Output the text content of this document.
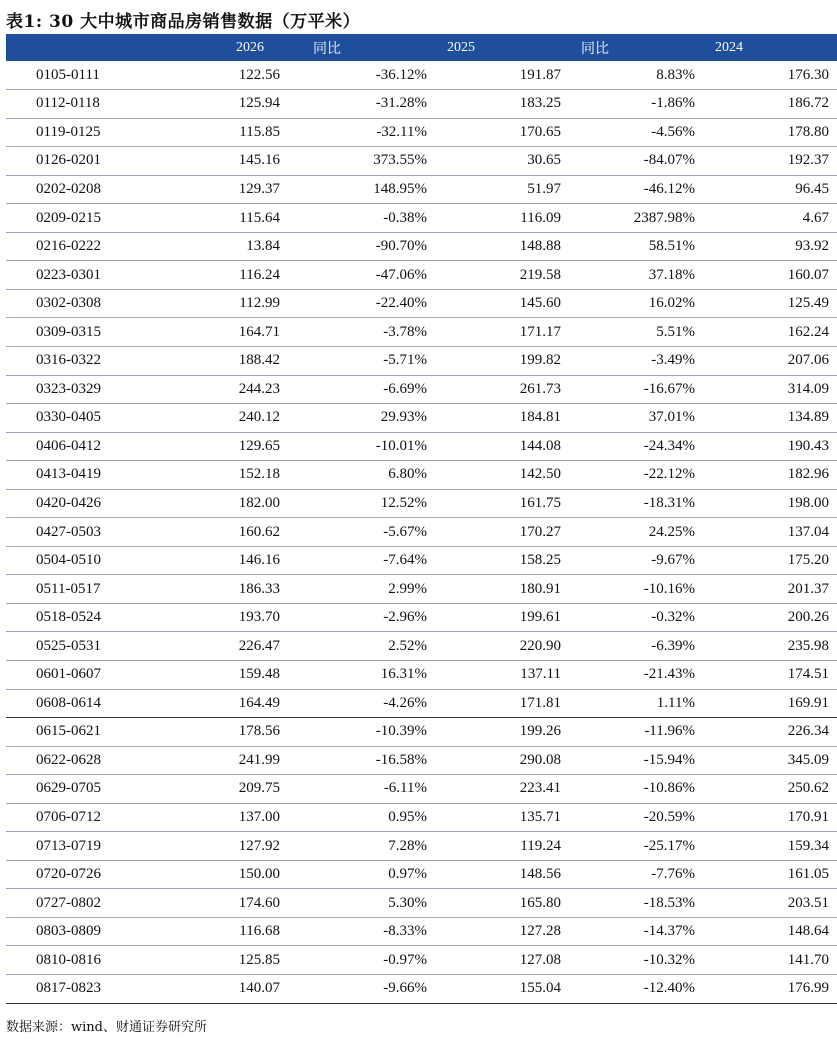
表1: 30 大中城市商品房销售数据（万平米）
	2026	同比	2025	同比	2024
0105-0111	122.56	-36.12%	191.87	8.83%	176.30
0112-0118	125.94	-31.28%	183.25	-1.86%	186.72
0119-0125	115.85	-32.11%	170.65	-4.56%	178.80
0126-0201	145.16	373.55%	30.65	-84.07%	192.37
0202-0208	129.37	148.95%	51.97	-46.12%	96.45
0209-0215	115.64	-0.38%	116.09	2387.98%	4.67
0216-0222	13.84	-90.70%	148.88	58.51%	93.92
0223-0301	116.24	-47.06%	219.58	37.18%	160.07
0302-0308	112.99	-22.40%	145.60	16.02%	125.49
0309-0315	164.71	-3.78%	171.17	5.51%	162.24
0316-0322	188.42	-5.71%	199.82	-3.49%	207.06
0323-0329	244.23	-6.69%	261.73	-16.67%	314.09
0330-0405	240.12	29.93%	184.81	37.01%	134.89
0406-0412	129.65	-10.01%	144.08	-24.34%	190.43
0413-0419	152.18	6.80%	142.50	-22.12%	182.96
0420-0426	182.00	12.52%	161.75	-18.31%	198.00
0427-0503	160.62	-5.67%	170.27	24.25%	137.04
0504-0510	146.16	-7.64%	158.25	-9.67%	175.20
0511-0517	186.33	2.99%	180.91	-10.16%	201.37
0518-0524	193.70	-2.96%	199.61	-0.32%	200.26
0525-0531	226.47	2.52%	220.90	-6.39%	235.98
0601-0607	159.48	16.31%	137.11	-21.43%	174.51
0608-0614	164.49	-4.26%	171.81	1.11%	169.91
0615-0621	178.56	-10.39%	199.26	-11.96%	226.34
0622-0628	241.99	-16.58%	290.08	-15.94%	345.09
0629-0705	209.75	-6.11%	223.41	-10.86%	250.62
0706-0712	137.00	0.95%	135.71	-20.59%	170.91
0713-0719	127.92	7.28%	119.24	-25.17%	159.34
0720-0726	150.00	0.97%	148.56	-7.76%	161.05
0727-0802	174.60	5.30%	165.80	-18.53%	203.51
0803-0809	116.68	-8.33%	127.28	-14.37%	148.64
0810-0816	125.85	-0.97%	127.08	-10.32%	141.70
0817-0823	140.07	-9.66%	155.04	-12.40%	176.99
数据来源：wind、财通证券研究所
